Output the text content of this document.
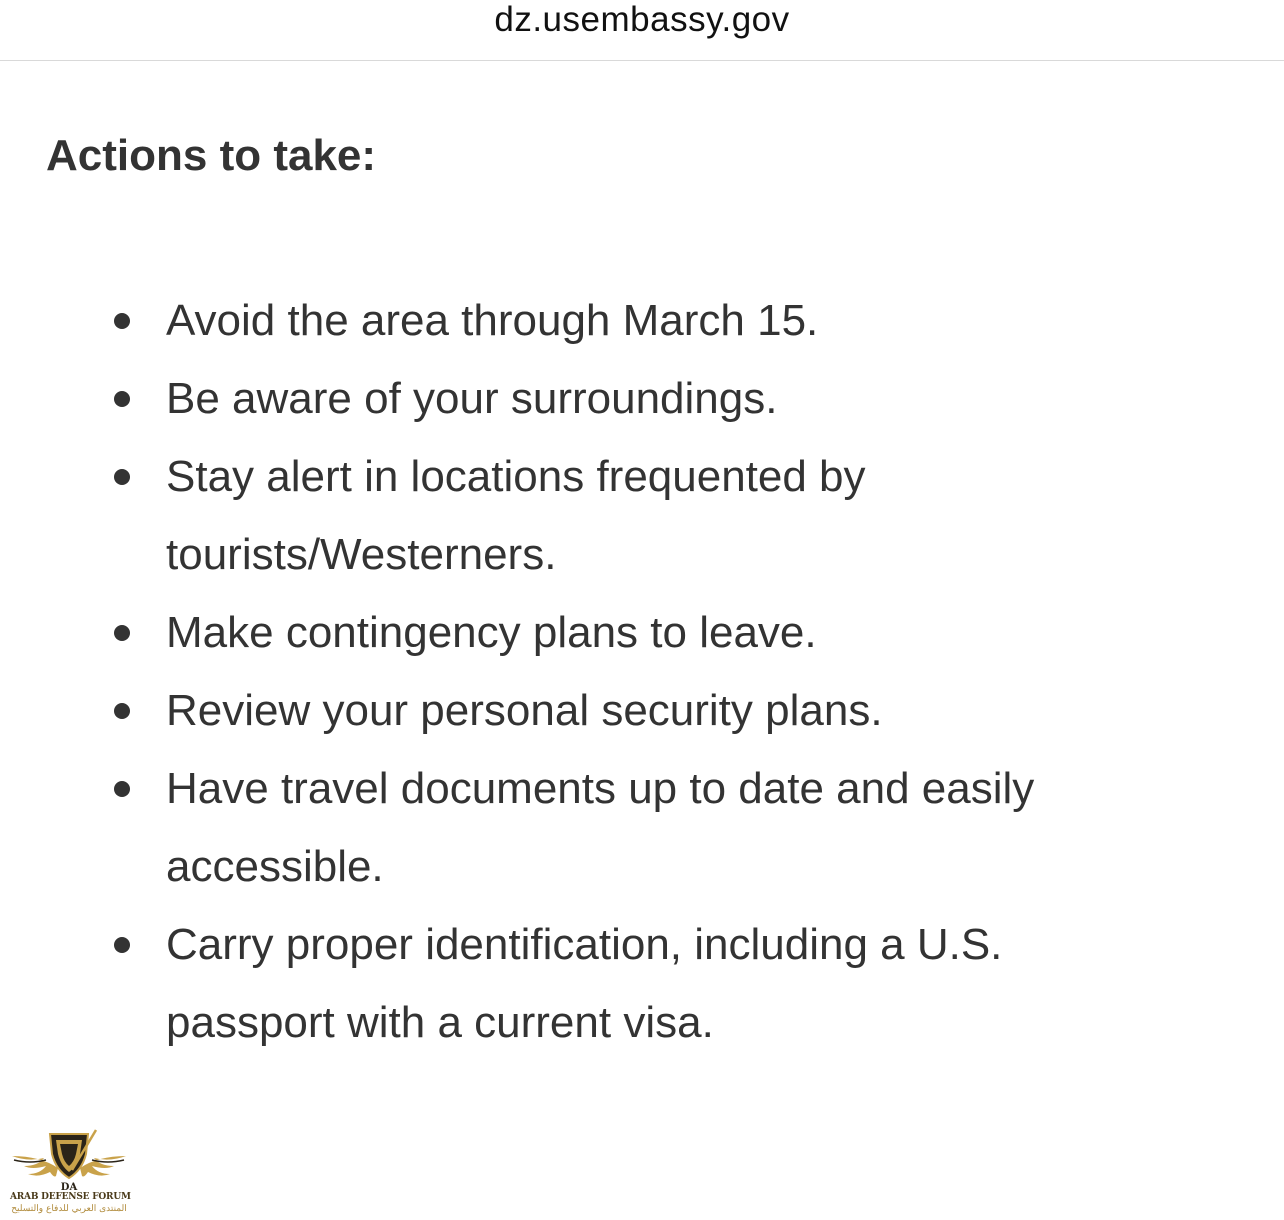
dz.usembassy.gov
Actions to take:
Avoid the area through March 15.
Be aware of your surroundings.
Stay alert in locations frequented by tourists/Westerners.
Make contingency plans to leave.
Review your personal security plans.
Have travel documents up to date and easily accessible.
Carry proper identification, including a U.S. passport with a current visa.
DA
ARAB DEFENSE FORUM
المنتدى العربي للدفاع والتسليح
